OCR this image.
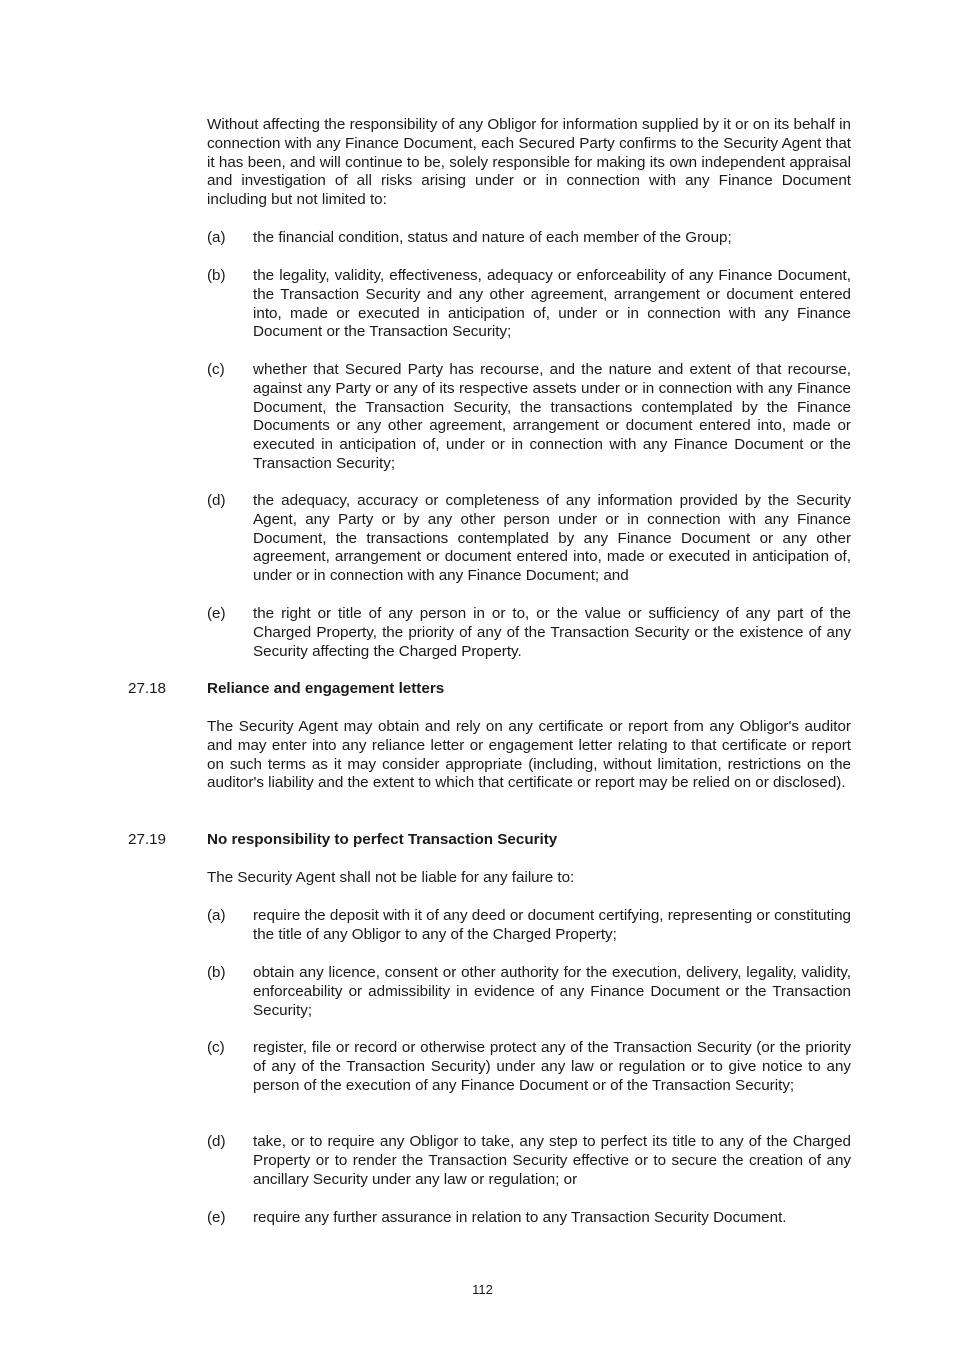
Without affecting the responsibility of any Obligor for information supplied by it or on its behalf in connection with any Finance Document, each Secured Party confirms to the Security Agent that it has been, and will continue to be, solely responsible for making its own independent appraisal and investigation of all risks arising under or in connection with any Finance Document including but not limited to:
(a) the financial condition, status and nature of each member of the Group;
(b) the legality, validity, effectiveness, adequacy or enforceability of any Finance Document, the Transaction Security and any other agreement, arrangement or document entered into, made or executed in anticipation of, under or in connection with any Finance Document or the Transaction Security;
(c) whether that Secured Party has recourse, and the nature and extent of that recourse, against any Party or any of its respective assets under or in connection with any Finance Document, the Transaction Security, the transactions contemplated by the Finance Documents or any other agreement, arrangement or document entered into, made or executed in anticipation of, under or in connection with any Finance Document or the Transaction Security;
(d) the adequacy, accuracy or completeness of any information provided by the Security Agent, any Party or by any other person under or in connection with any Finance Document, the transactions contemplated by any Finance Document or any other agreement, arrangement or document entered into, made or executed in anticipation of, under or in connection with any Finance Document; and
(e) the right or title of any person in or to, or the value or sufficiency of any part of the Charged Property, the priority of any of the Transaction Security or the existence of any Security affecting the Charged Property.
27.18	Reliance and engagement letters
The Security Agent may obtain and rely on any certificate or report from any Obligor's auditor and may enter into any reliance letter or engagement letter relating to that certificate or report on such terms as it may consider appropriate (including, without limitation, restrictions on the auditor's liability and the extent to which that certificate or report may be relied on or disclosed).
27.19	No responsibility to perfect Transaction Security
The Security Agent shall not be liable for any failure to:
(a) require the deposit with it of any deed or document certifying, representing or constituting the title of any Obligor to any of the Charged Property;
(b) obtain any licence, consent or other authority for the execution, delivery, legality, validity, enforceability or admissibility in evidence of any Finance Document or the Transaction Security;
(c) register, file or record or otherwise protect any of the Transaction Security (or the priority of any of the Transaction Security) under any law or regulation or to give notice to any person of the execution of any Finance Document or of the Transaction Security;
(d) take, or to require any Obligor to take, any step to perfect its title to any of the Charged Property or to render the Transaction Security effective or to secure the creation of any ancillary Security under any law or regulation; or
(e) require any further assurance in relation to any Transaction Security Document.
112
